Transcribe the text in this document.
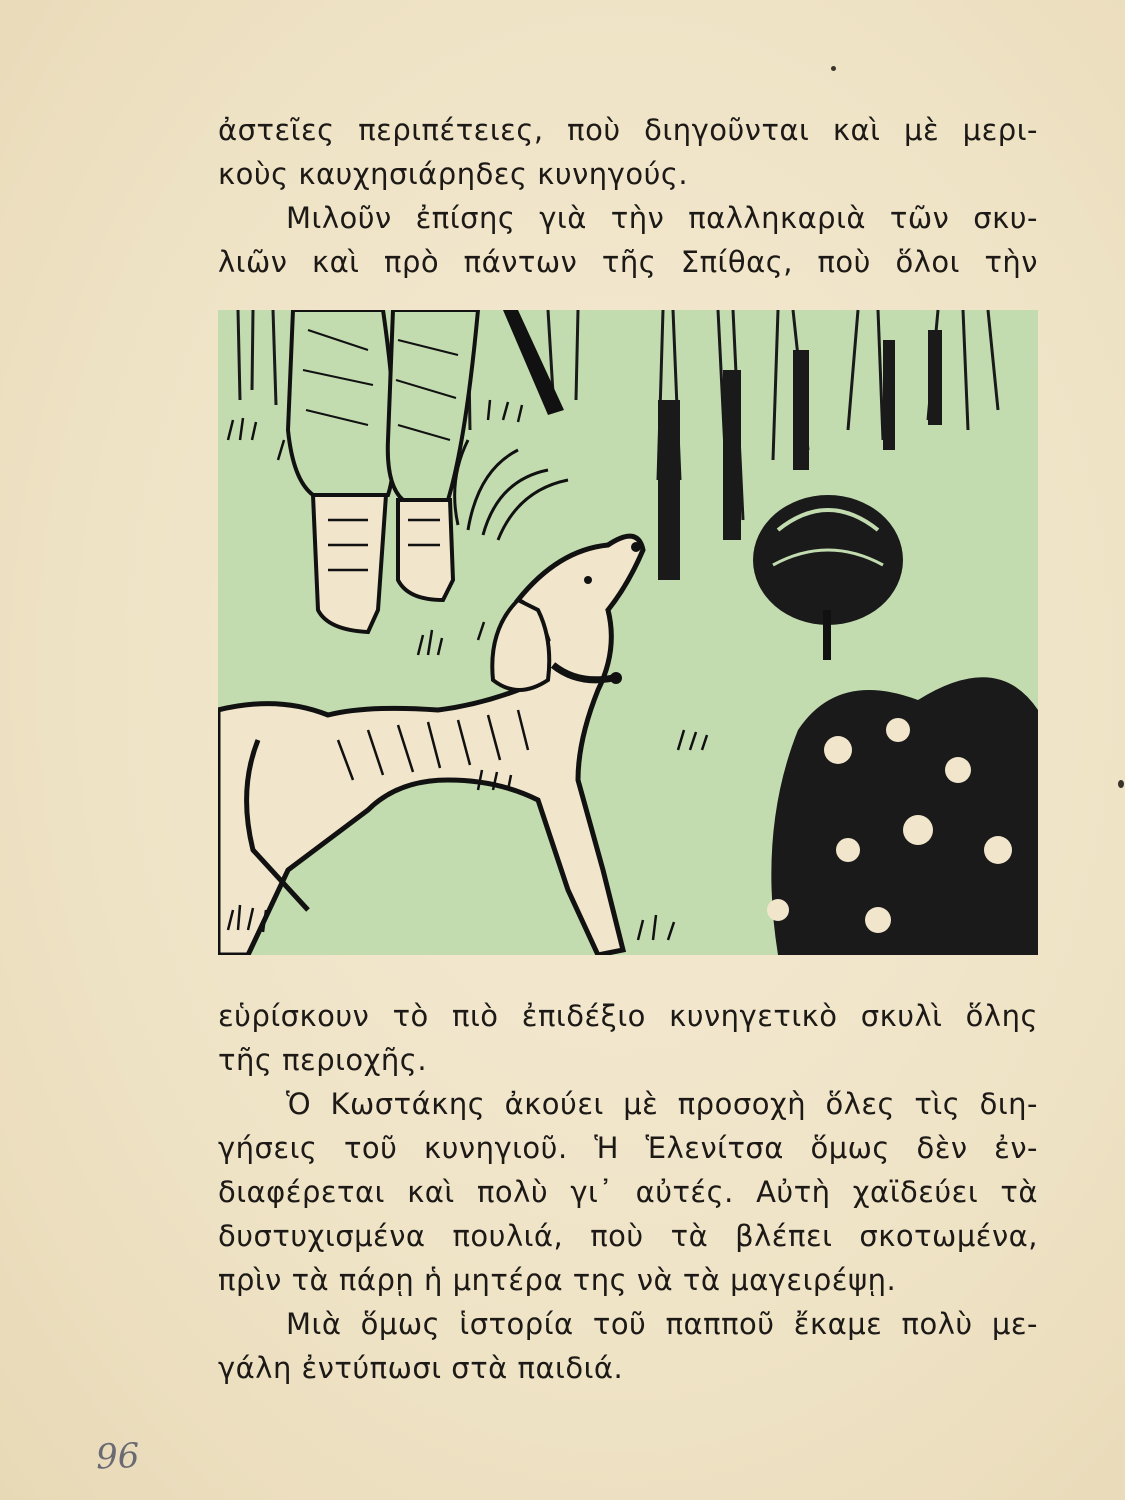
ἀστεῖες περιπέτειες, ποὺ διηγοῦνται καὶ μὲ μερι-
κοὺς καυχησιάρηδες κυνηγούς.
Μιλοῦν ἐπίσης γιὰ τὴν παλληκαριὰ τῶν σκυ-
λιῶν καὶ πρὸ πάντων τῆς Σπίθας, ποὺ ὅλοι τὴν
εὑρίσκουν τὸ πιὸ ἐπιδέξιο κυνηγετικὸ σκυλὶ ὅλης
τῆς περιοχῆς.
Ὁ Κωστάκης ἀκούει μὲ προσοχὴ ὅλες τὶς διη-
γήσεις τοῦ κυνηγιοῦ. Ἡ Ἑλενίτσα ὅμως δὲν ἐν-
διαφέρεται καὶ πολὺ γι᾿ αὐτές. Αὐτὴ χαϊδεύει τὰ
δυστυχισμένα πουλιά, ποὺ τὰ βλέπει σκοτωμένα,
πρὶν τὰ πάρῃ ἡ μητέρα της νὰ τὰ μαγειρέψῃ.
Μιὰ ὅμως ἱστορία τοῦ παπποῦ ἔκαμε πολὺ με-
γάλη ἐντύπωσι στὰ παιδιά.
96
